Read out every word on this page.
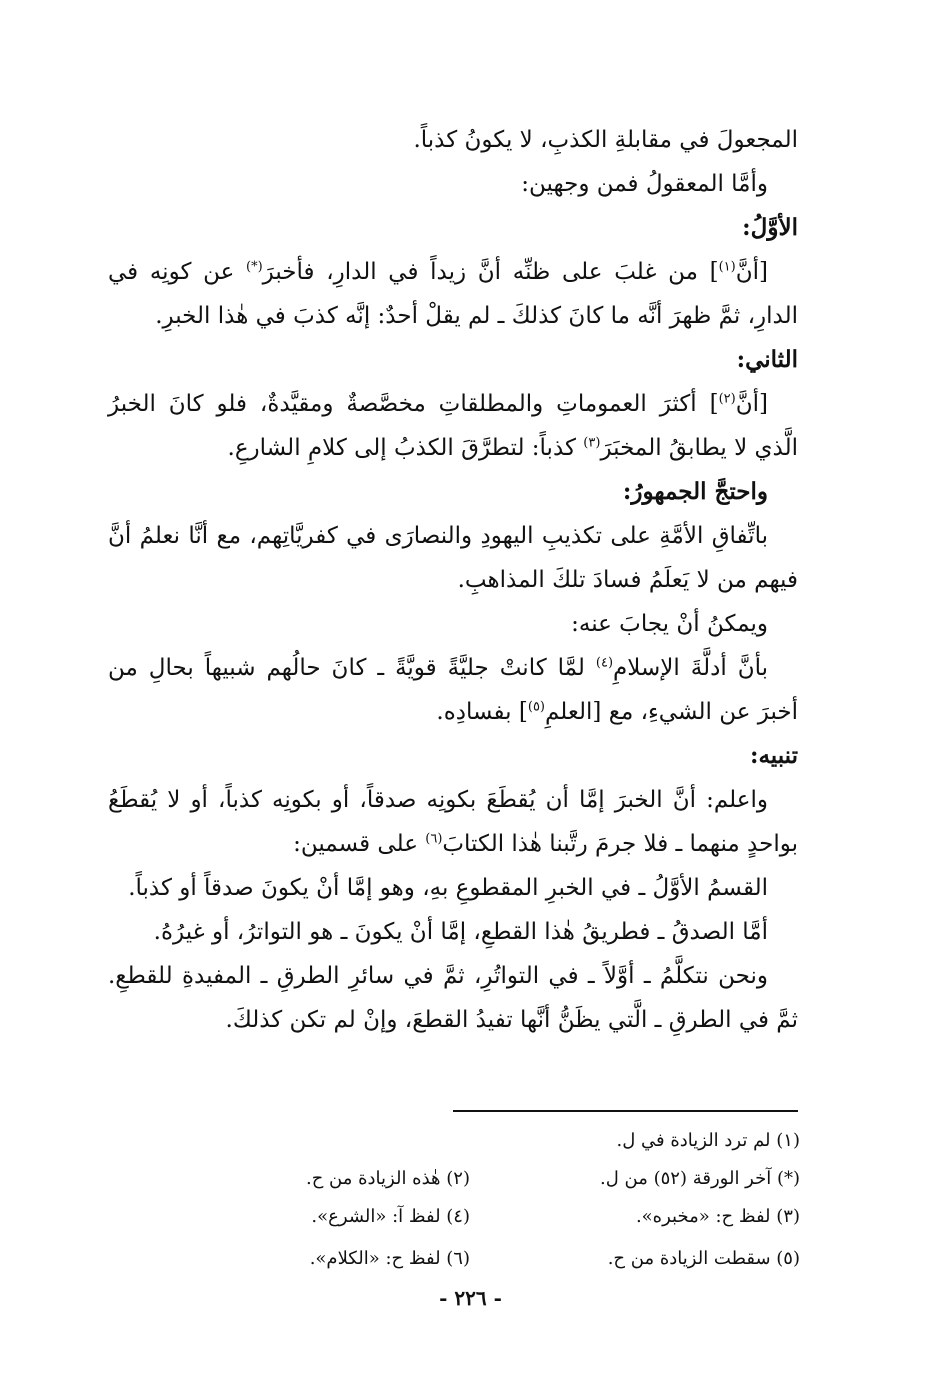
المجعولَ في مقابلةِ الكذبِ، لا يكونُ كذباً.

وأمَّا المعقولُ فمن وجهين:

الأوَّلُ:

[أنَّ$^{(١)}$] من غلبَ على ظنِّه أنَّ زيداً في الدارِ، فأخبرَ(*) عن كونِه في الدارِ، ثمَّ ظهرَ أنَّه ما كانَ كذلكَ ـ لم يقلْ أحدٌ: إنَّه كذبَ في هٰذا الخبرِ.

الثاني:

[أنَّ$^{(٢)}$] أكثرَ العموماتِ والمطلقاتِ مخصَّصةٌ ومقيَّدةٌ، فلو كانَ الخبرُ الَّذي لا يطابقُ المخبَرَ$^{(٣)}$ كذباً: لتطرَّقَ الكذبُ إلى كلامِ الشارعِ.

واحتجَّ الجمهورُ:

باتِّفاقِ الأمَّةِ على تكذيبِ اليهودِ والنصارَى في كفريَّاتِهم، مع أنَّا نعلمُ أنَّ فيهم من لا يَعلَمُ فسادَ تلكَ المذاهبِ.

ويمكنُ أنْ يجابَ عنه:

بأنَّ أدلَّةَ الإسلامِ$^{(٤)}$ لمَّا كانتْ جليَّةً قويَّةً ـ كانَ حالُهم شبيهاً بحالِ من أخبرَ عن الشيءِ، مع [العلمِ$^{(٥)}$] بفسادِه.

تنبيه:

واعلم: أنَّ الخبرَ إمَّا أن يُقطَعَ بكونِه صدقاً، أو بكونِه كذباً، أو لا يُقطَعُ بواحدٍ منهما ـ فلا جرمَ رتَّبنا هٰذا الكتابَ$^{(٦)}$ على قسمين:

القسمُ الأوَّلُ ـ في الخبرِ المقطوعِ بهِ، وهو إمَّا أنْ يكونَ صدقاً أو كذباً.

أمَّا الصدقُ ـ فطريقُ هٰذا القطعِ، إمَّا أنْ يكونَ ـ هو التواترُ، أو غيرُهُ.

ونحن نتكلَّمُ ـ أوَّلاً ـ في التواتُرِ، ثمَّ في سائرِ الطرقِ ـ المفيدةِ للقطعِ. ثمَّ في الطرقِ ـ الَّتي يظَنُّ أنَّها تفيدُ القطعَ، وإنْ لم تكن كذلكَ.

(١) لم ترد الزيادة في ل.
(*) آخر الورقة (٥٢) من ل.
(٢) هٰذه الزيادة من ح.
(٣) لفظ ح: «مخبره».
(٤) لفظ آ: «الشرع».
(٥) سقطت الزيادة من ح.
(٦) لفظ ح: «الكلام».
- ٢٢٦ -
